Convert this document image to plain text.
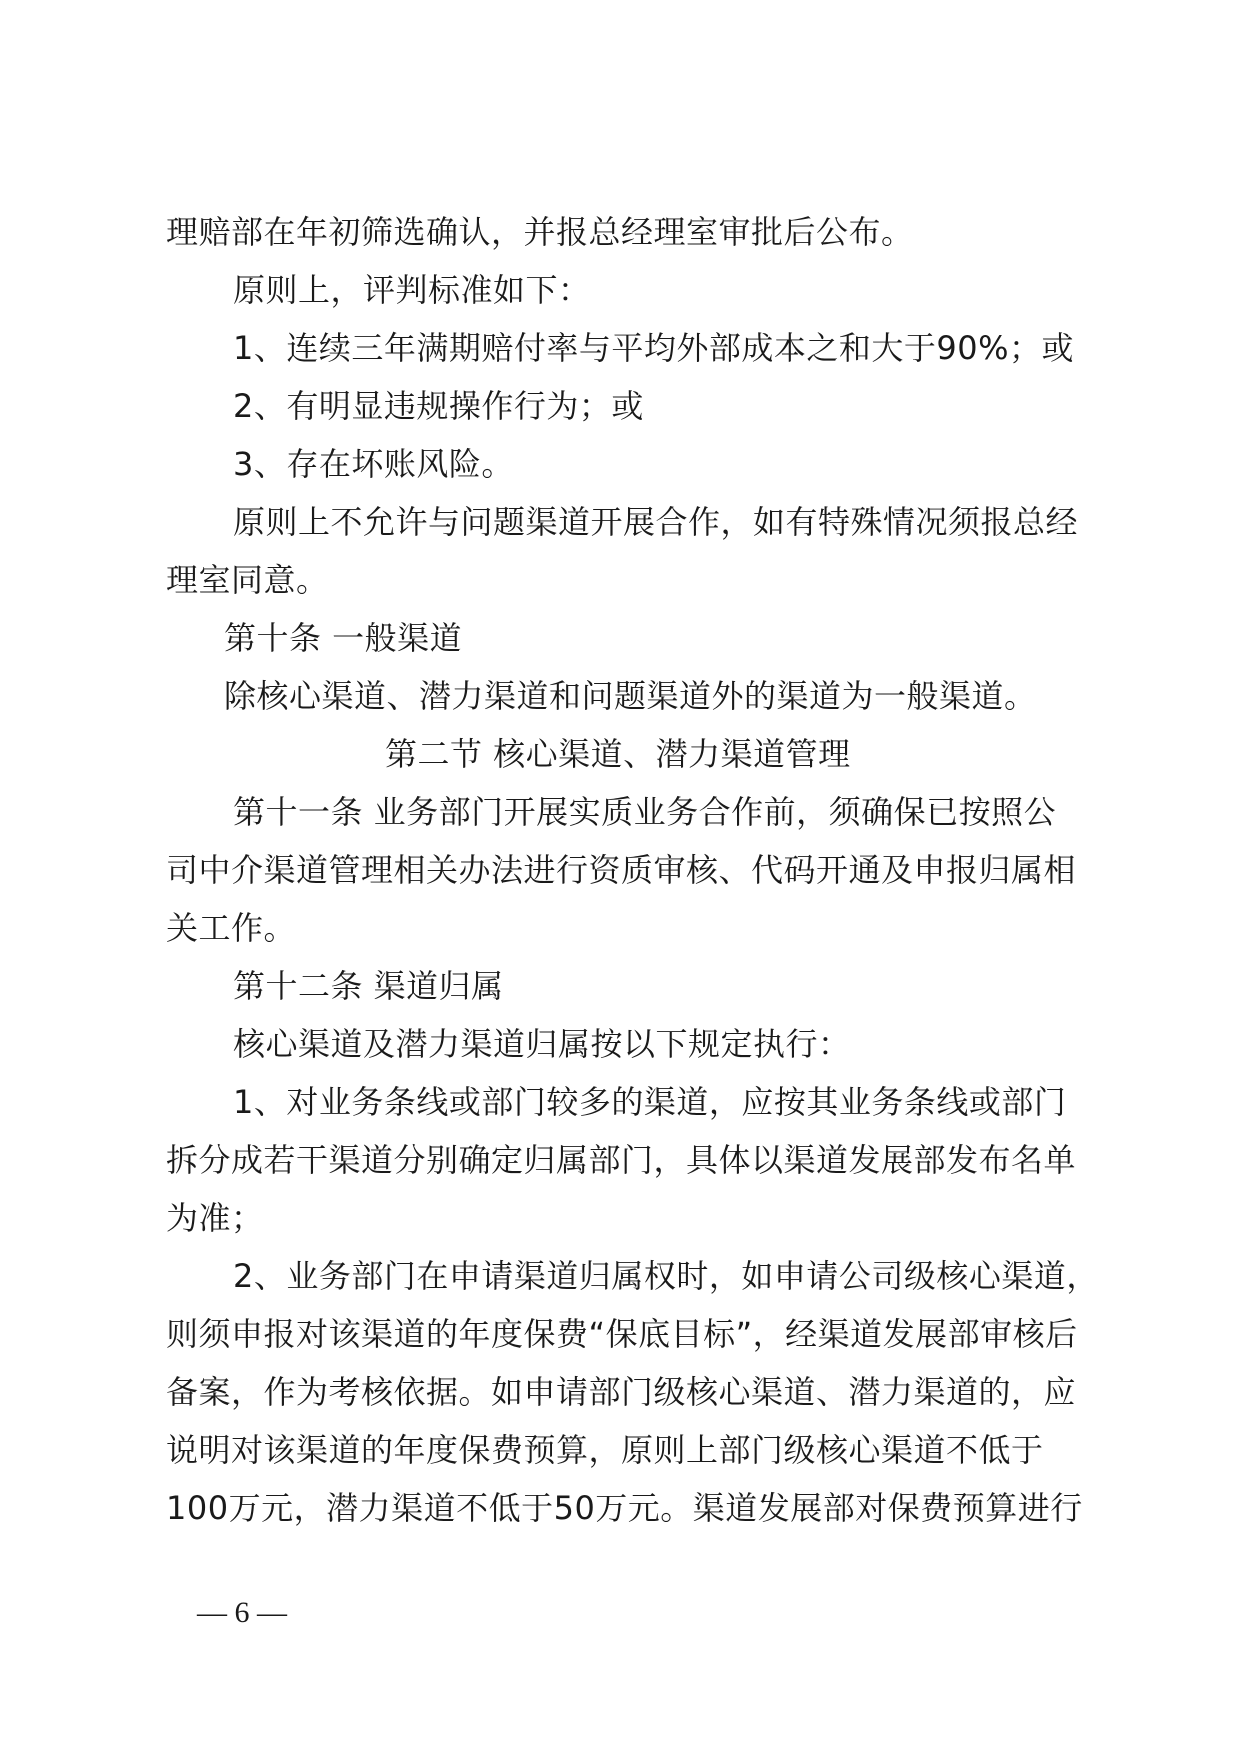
理赔部在年初筛选确认，并报总经理室审批后公布。
原则上，评判标准如下：
1、连续三年满期赔付率与平均外部成本之和大于90%；或
2、有明显违规操作行为；或
3、存在坏账风险。
原则上不允许与问题渠道开展合作，如有特殊情况须报总经
理室同意。
第十条 一般渠道
除核心渠道、潜力渠道和问题渠道外的渠道为一般渠道。
第二节 核心渠道、潜力渠道管理
第十一条 业务部门开展实质业务合作前，须确保已按照公
司中介渠道管理相关办法进行资质审核、代码开通及申报归属相
关工作。
第十二条 渠道归属
核心渠道及潜力渠道归属按以下规定执行：
1、对业务条线或部门较多的渠道，应按其业务条线或部门
拆分成若干渠道分别确定归属部门，具体以渠道发展部发布名单
为准；
2、业务部门在申请渠道归属权时，如申请公司级核心渠道，
则须申报对该渠道的年度保费“保底目标”，经渠道发展部审核后
备案，作为考核依据。如申请部门级核心渠道、潜力渠道的，应
说明对该渠道的年度保费预算，原则上部门级核心渠道不低于
100万元，潜力渠道不低于50万元。渠道发展部对保费预算进行
— 6 —
